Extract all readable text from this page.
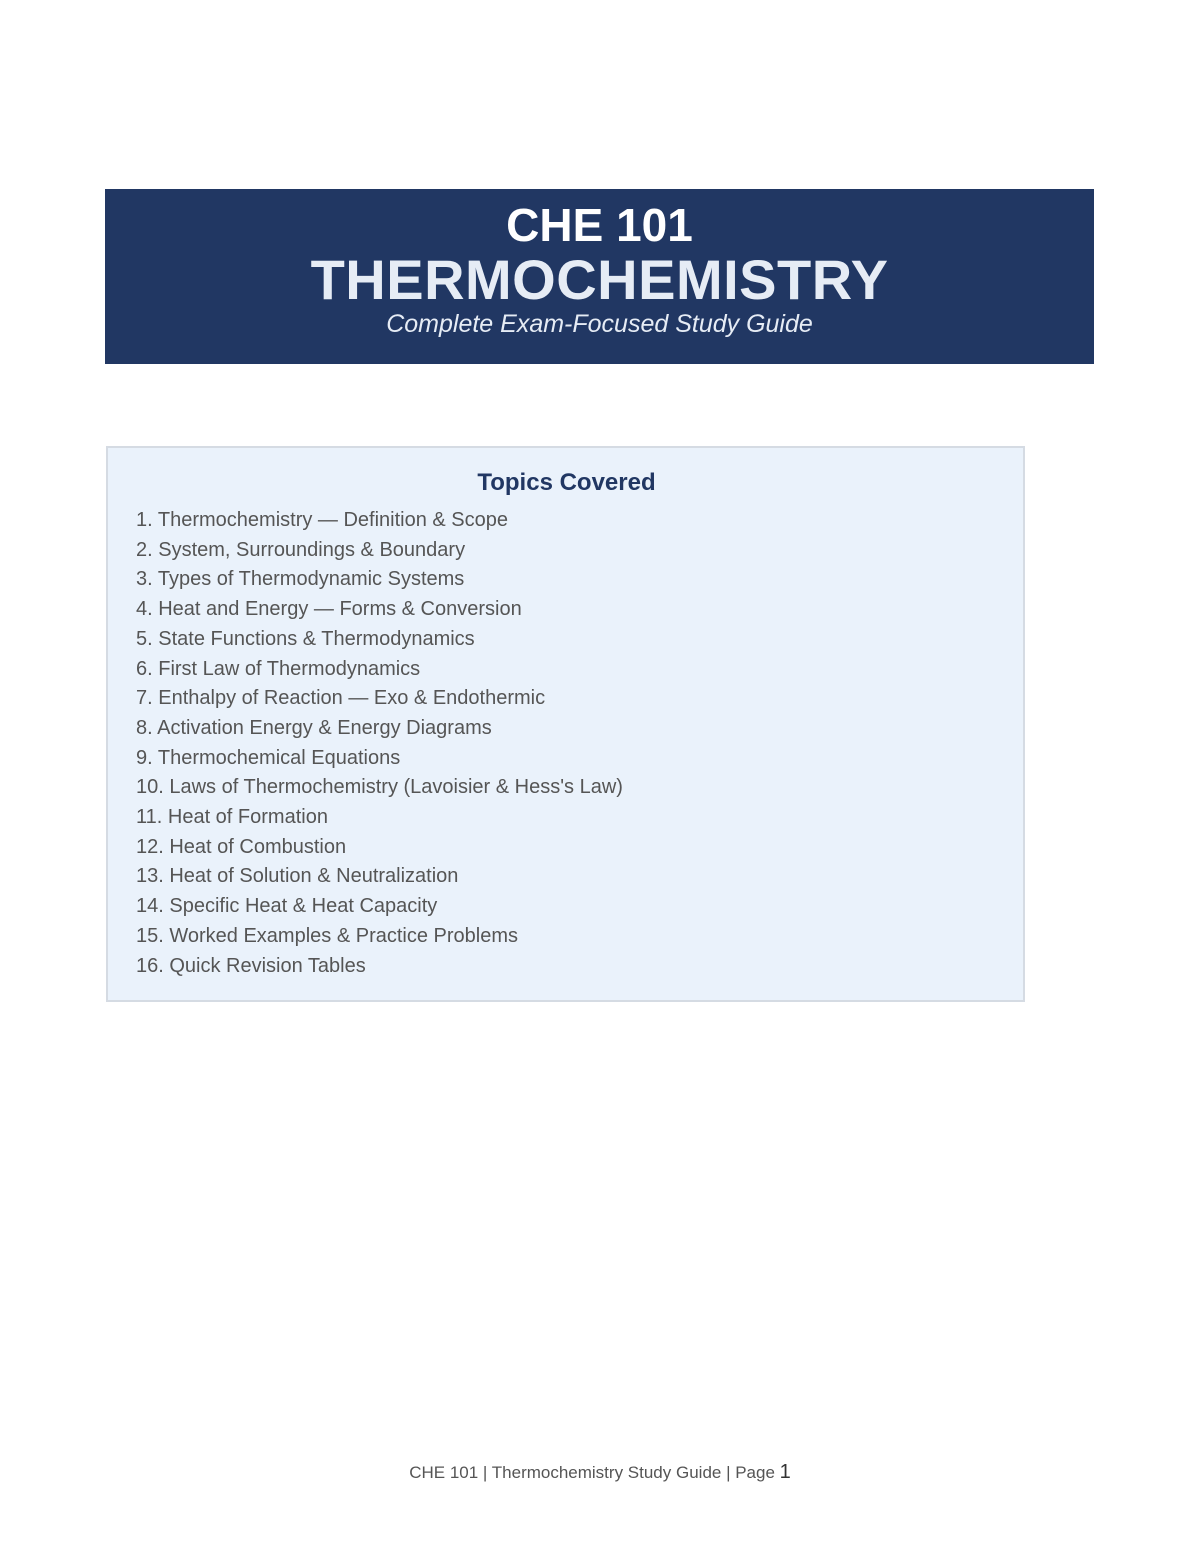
CHE 101
THERMOCHEMISTRY
Complete Exam-Focused Study Guide
Topics Covered
1. Thermochemistry — Definition & Scope
2. System, Surroundings & Boundary
3. Types of Thermodynamic Systems
4. Heat and Energy — Forms & Conversion
5. State Functions & Thermodynamics
6. First Law of Thermodynamics
7. Enthalpy of Reaction — Exo & Endothermic
8. Activation Energy & Energy Diagrams
9. Thermochemical Equations
10. Laws of Thermochemistry (Lavoisier & Hess's Law)
11. Heat of Formation
12. Heat of Combustion
13. Heat of Solution & Neutralization
14. Specific Heat & Heat Capacity
15. Worked Examples & Practice Problems
16. Quick Revision Tables
CHE 101 | Thermochemistry Study Guide | Page 1
